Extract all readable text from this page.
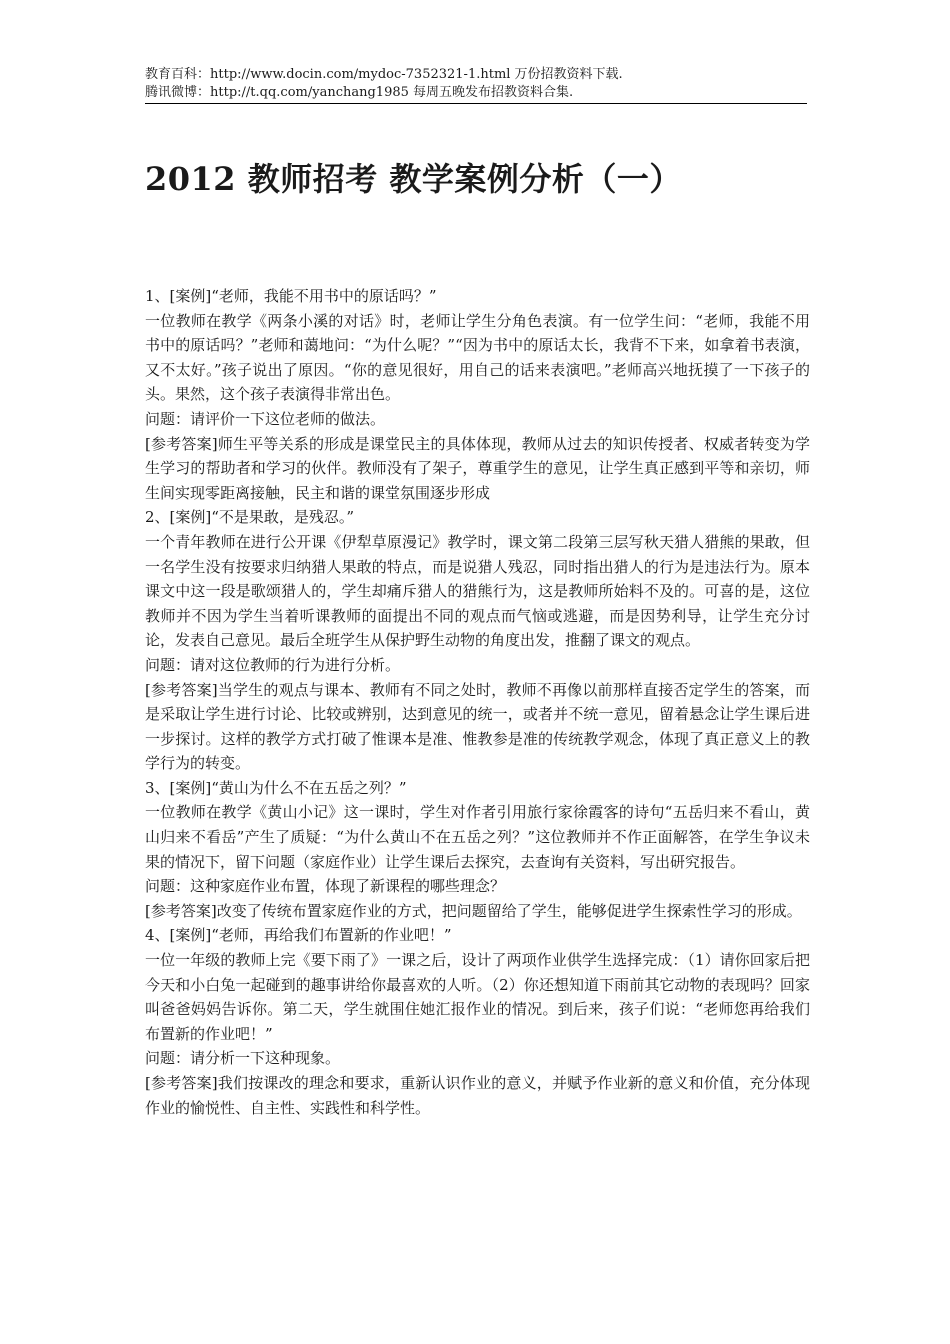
教育百科：http://www.docin.com/mydoc-7352321-1.html 万份招教资料下载.
腾讯微博：http://t.qq.com/yanchang1985 每周五晚发布招教资料合集.
2012 教师招考 教学案例分析（一）

1、[案例]“老师，我能不用书中的原话吗？”

一位教师在教学《两条小溪的对话》时，老师让学生分角色表演。有一位学生问：“老师，我能不用书中的原话吗？”老师和蔼地问：“为什么呢？”“因为书中的原话太长，我背不下来，如拿着书表演，又不太好。”孩子说出了原因。“你的意见很好，用自己的话来表演吧。”老师高兴地抚摸了一下孩子的头。果然，这个孩子表演得非常出色。

问题：请评价一下这位老师的做法。

[参考答案]师生平等关系的形成是课堂民主的具体体现，教师从过去的知识传授者、权威者转变为学生学习的帮助者和学习的伙伴。教师没有了架子，尊重学生的意见，让学生真正感到平等和亲切，师生间实现零距离接触，民主和谐的课堂氛围逐步形成

2、[案例]“不是果敢，是残忍。”

一个青年教师在进行公开课《伊犁草原漫记》教学时，课文第二段第三层写秋天猎人猎熊的果敢，但一名学生没有按要求归纳猎人果敢的特点，而是说猎人残忍，同时指出猎人的行为是违法行为。原本课文中这一段是歌颂猎人的，学生却痛斥猎人的猎熊行为，这是教师所始料不及的。可喜的是，这位教师并不因为学生当着听课教师的面提出不同的观点而气恼或逃避，而是因势利导，让学生充分讨论，发表自己意见。最后全班学生从保护野生动物的角度出发，推翻了课文的观点。

问题：请对这位教师的行为进行分析。

[参考答案]当学生的观点与课本、教师有不同之处时，教师不再像以前那样直接否定学生的答案，而是采取让学生进行讨论、比较或辨别，达到意见的统一，或者并不统一意见，留着悬念让学生课后进一步探讨。这样的教学方式打破了惟课本是准、惟教参是准的传统教学观念，体现了真正意义上的教学行为的转变。

3、[案例]“黄山为什么不在五岳之列？”

一位教师在教学《黄山小记》这一课时，学生对作者引用旅行家徐霞客的诗句“五岳归来不看山，黄山归来不看岳”产生了质疑：“为什么黄山不在五岳之列？”这位教师并不作正面解答，在学生争议未果的情况下，留下问题（家庭作业）让学生课后去探究，去查询有关资料，写出研究报告。

问题：这种家庭作业布置，体现了新课程的哪些理念？

[参考答案]改变了传统布置家庭作业的方式，把问题留给了学生，能够促进学生探索性学习的形成。

4、[案例]“老师，再给我们布置新的作业吧！”

一位一年级的教师上完《要下雨了》一课之后，设计了两项作业供学生选择完成：（1）请你回家后把今天和小白兔一起碰到的趣事讲给你最喜欢的人听。（2）你还想知道下雨前其它动物的表现吗？回家叫爸爸妈妈告诉你。第二天，学生就围住她汇报作业的情况。到后来，孩子们说：“老师您再给我们布置新的作业吧！”

问题：请分析一下这种现象。

[参考答案]我们按课改的理念和要求，重新认识作业的意义，并赋予作业新的意义和价值，充分体现作业的愉悦性、自主性、实践性和科学性。
